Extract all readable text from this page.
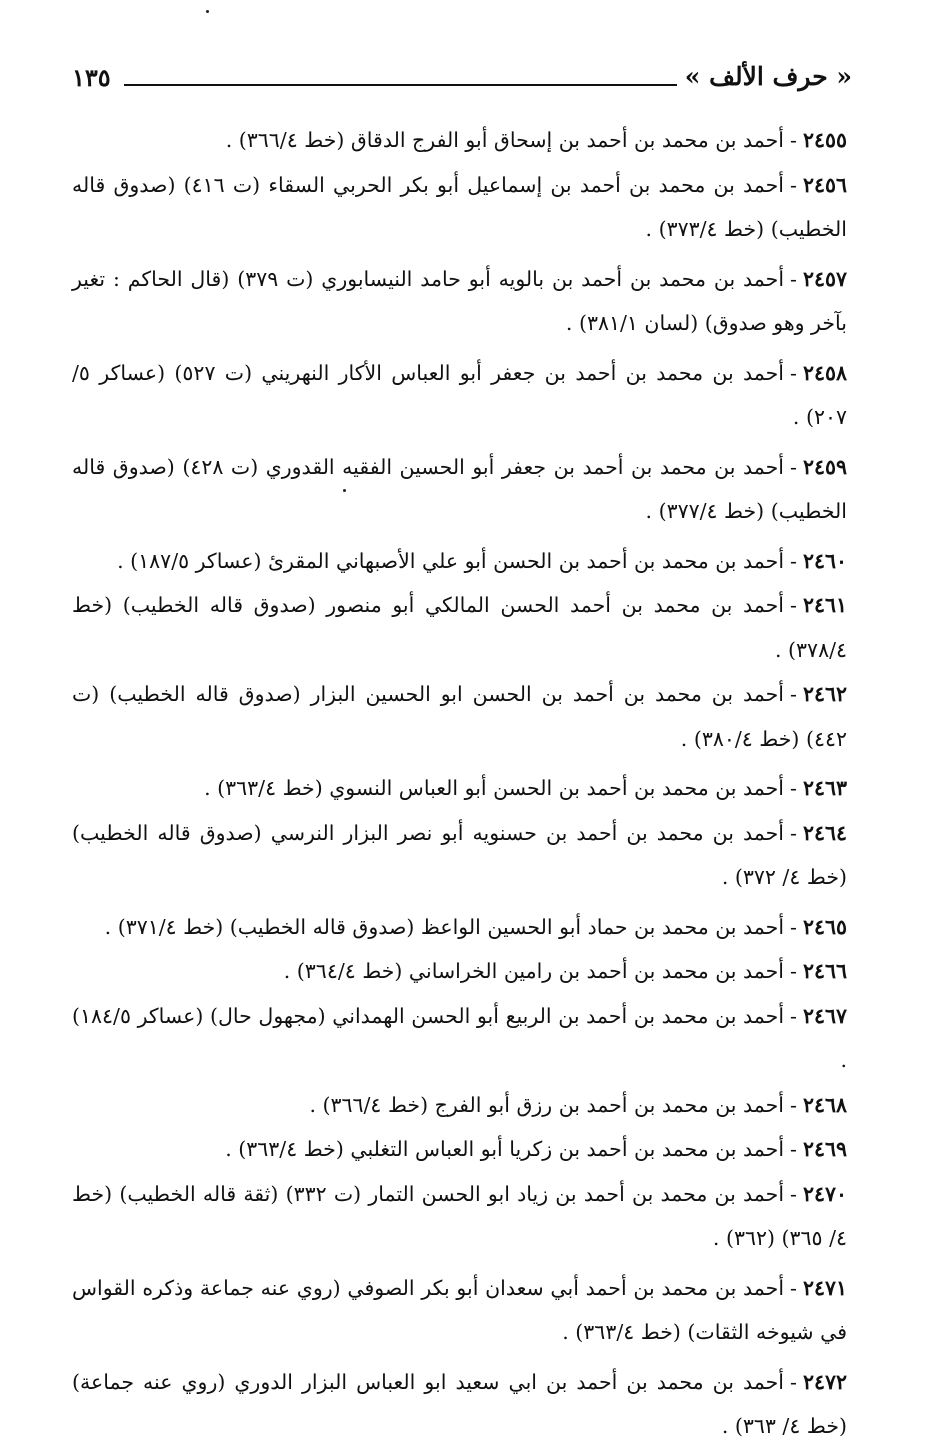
« حرف الألف »
١٣٥

٢٤٥٥-أحمد بن محمد بن أحمد بن إسحاق أبو الفرج الدقاق (خط ٣٦٦/٤) .

٢٤٥٦-أحمد بن محمد بن أحمد بن إسماعيل أبو بكر الحربي السقاء (ت ٤١٦) (صدوق قاله الخطيب) (خط ٣٧٣/٤) .

٢٤٥٧-أحمد بن محمد بن أحمد بن بالويه أبو حامد النيسابوري (ت ٣٧٩) (قال الحاكم : تغير بآخر وهو صدوق) (لسان ٣٨١/١) .

٢٤٥٨-أحمد بن محمد بن أحمد بن جعفر أبو العباس الأكار النهريني (ت ٥٢٧) (عساكر ٥/ ٢٠٧) .

٢٤٥٩-أحمد بن محمد بن أحمد بن جعفر أبو الحسين الفقيه القدوري (ت ٤٢٨) (صدوق قاله الخطيب) (خط ٣٧٧/٤) .

٢٤٦٠-أحمد بن محمد بن أحمد بن الحسن أبو علي الأصبهاني المقرئ (عساكر ١٨٧/٥) .

٢٤٦١-أحمد بن محمد بن أحمد الحسن المالكي أبو منصور (صدوق قاله الخطيب) (خط ٣٧٨/٤) .

٢٤٦٢-أحمد بن محمد بن أحمد بن الحسن ابو الحسين البزار (صدوق قاله الخطيب) (ت ٤٤٢) (خط ٣٨٠/٤) .

٢٤٦٣-أحمد بن محمد بن أحمد بن الحسن أبو العباس النسوي (خط ٣٦٣/٤) .

٢٤٦٤-أحمد بن محمد بن أحمد بن حسنويه أبو نصر البزار النرسي (صدوق قاله الخطيب) (خط ٤/ ٣٧٢) .

٢٤٦٥-أحمد بن محمد بن حماد أبو الحسين الواعظ (صدوق قاله الخطيب) (خط ٣٧١/٤) .

٢٤٦٦-أحمد بن محمد بن أحمد بن رامين الخراساني (خط ٣٦٤/٤) .

٢٤٦٧-أحمد بن محمد بن أحمد بن الربيع أبو الحسن الهمداني (مجهول حال) (عساكر ١٨٤/٥) .

٢٤٦٨-أحمد بن محمد بن أحمد بن رزق أبو الفرج (خط ٣٦٦/٤) .

٢٤٦٩-أحمد بن محمد بن أحمد بن زكريا أبو العباس التغلبي (خط ٣٦٣/٤) .

٢٤٧٠-أحمد بن محمد بن أحمد بن زياد ابو الحسن التمار (ت ٣٣٢) (ثقة قاله الخطيب) (خط ٤/ ٣٦٥) (٣٦٢) .

٢٤٧١-أحمد بن محمد بن أحمد أبي سعدان أبو بكر الصوفي (روي عنه جماعة وذكره القواس في شيوخه الثقات) (خط ٣٦٣/٤) .

٢٤٧٢-أحمد بن محمد بن أحمد بن ابي سعيد ابو العباس البزار الدوري (روي عنه جماعة) (خط ٤/ ٣٦٣) .
